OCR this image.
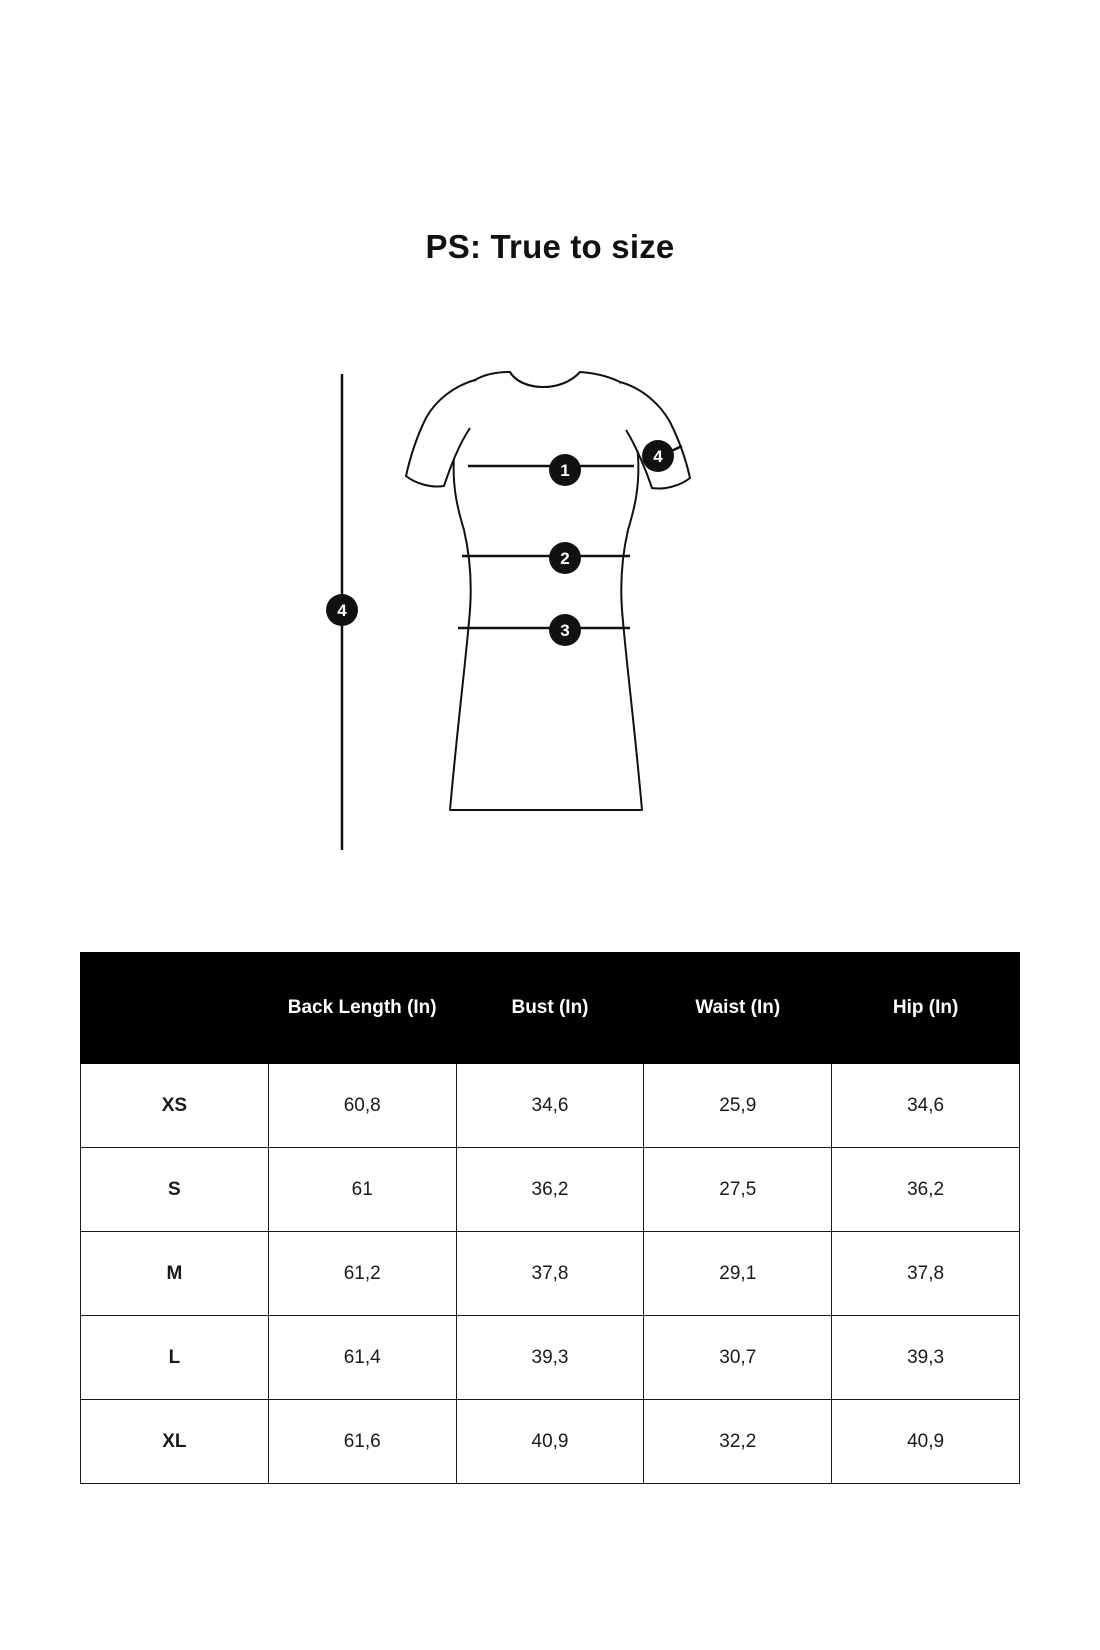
PS: True to size
1
2
3
4
4
	Back Length (In)	Bust (In)	Waist (In)	Hip (In)
XS	60,8	34,6	25,9	34,6
S	61	36,2	27,5	36,2
M	61,2	37,8	29,1	37,8
L	61,4	39,3	30,7	39,3
XL	61,6	40,9	32,2	40,9
